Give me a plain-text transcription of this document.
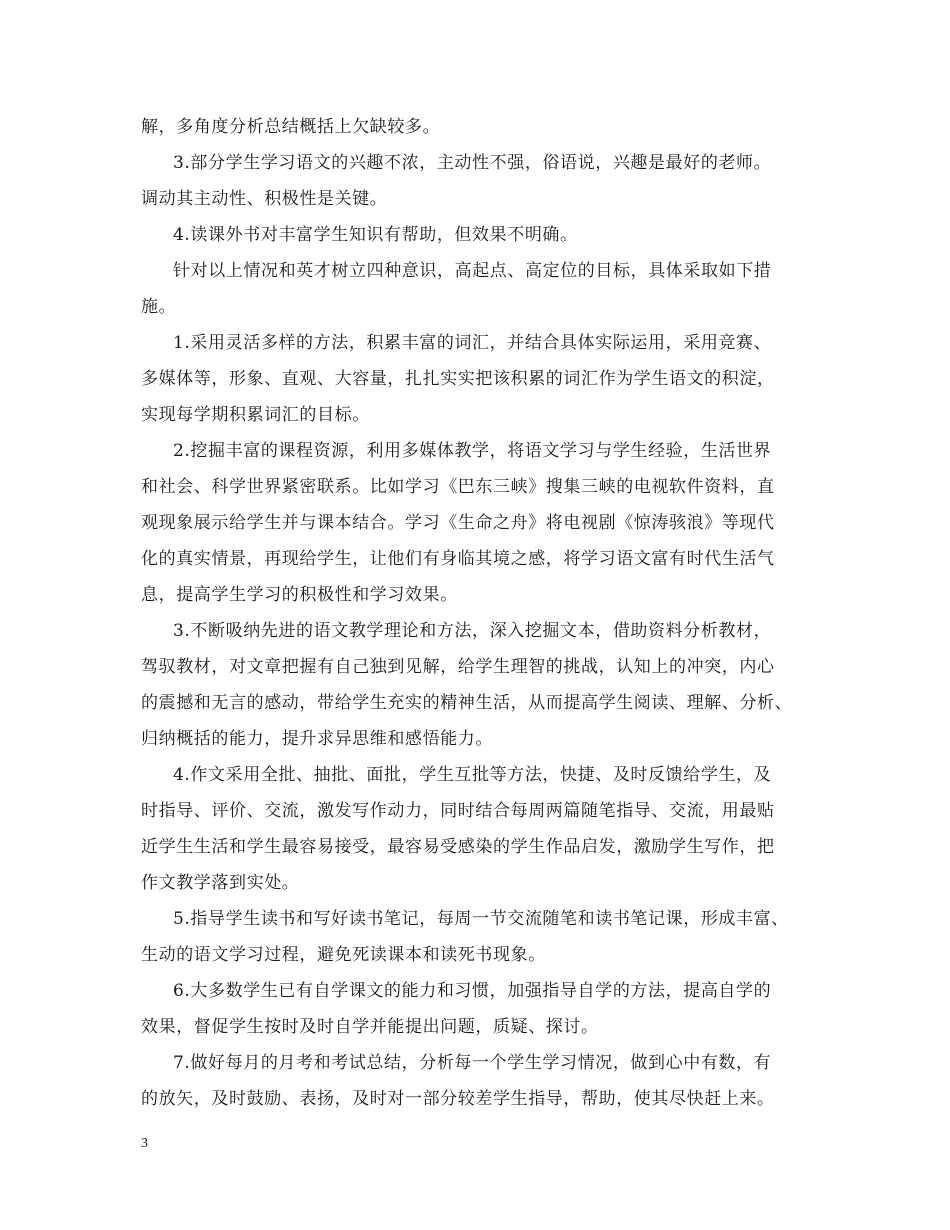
解，多角度分析总结概括上欠缺较多。
3.部分学生学习语文的兴趣不浓，主动性不强，俗语说，兴趣是最好的老师。
调动其主动性、积极性是关键。
4.读课外书对丰富学生知识有帮助，但效果不明确。
针对以上情况和英才树立四种意识，高起点、高定位的目标，具体采取如下措
施。
1.采用灵活多样的方法，积累丰富的词汇，并结合具体实际运用，采用竞赛、
多媒体等，形象、直观、大容量，扎扎实实把该积累的词汇作为学生语文的积淀，
实现每学期积累词汇的目标。
2.挖掘丰富的课程资源，利用多媒体教学，将语文学习与学生经验，生活世界
和社会、科学世界紧密联系。比如学习《巴东三峡》搜集三峡的电视软件资料，直
观现象展示给学生并与课本结合。学习《生命之舟》将电视剧《惊涛骇浪》等现代
化的真实情景，再现给学生，让他们有身临其境之感，将学习语文富有时代生活气
息，提高学生学习的积极性和学习效果。
3.不断吸纳先进的语文教学理论和方法，深入挖掘文本，借助资料分析教材，
驾驭教材，对文章把握有自己独到见解，给学生理智的挑战，认知上的冲突，内心
的震撼和无言的感动，带给学生充实的精神生活，从而提高学生阅读、理解、分析、
归纳概括的能力，提升求异思维和感悟能力。
4.作文采用全批、抽批、面批，学生互批等方法，快捷、及时反馈给学生，及
时指导、评价、交流，激发写作动力，同时结合每周两篇随笔指导、交流，用最贴
近学生生活和学生最容易接受，最容易受感染的学生作品启发，激励学生写作，把
作文教学落到实处。
5.指导学生读书和写好读书笔记，每周一节交流随笔和读书笔记课，形成丰富、
生动的语文学习过程，避免死读课本和读死书现象。
6.大多数学生已有自学课文的能力和习惯，加强指导自学的方法，提高自学的
效果，督促学生按时及时自学并能提出问题，质疑、探讨。
7.做好每月的月考和考试总结，分析每一个学生学习情况，做到心中有数，有
的放矢，及时鼓励、表扬，及时对一部分较差学生指导，帮助，使其尽快赶上来。
3
